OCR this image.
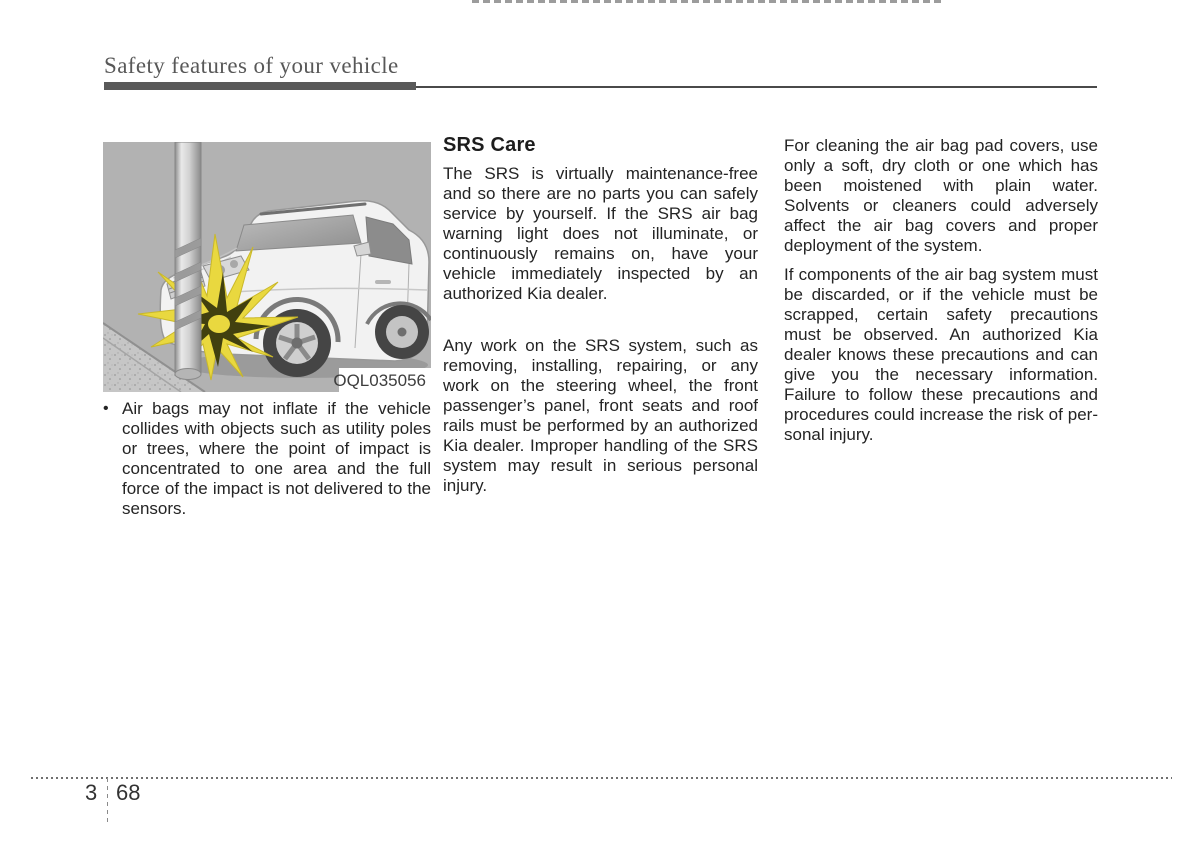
Safety features of your vehicle
OQL035056
• Air bags may not inflate if the vehicle collides with objects such as utility poles or trees, where the point of impact is concentrated to one area and the full force of the impact is not delivered to the sensors.
SRS Care

The SRS is virtually maintenance-free and so there are no parts you can safely service by yourself. If the SRS air bag warning light does not illuminate, or continuously remains on, have your vehicle immediately inspected by an authorized Kia dealer.

Any work on the SRS system, such as removing, installing, repairing, or any work on the steering wheel, the front passenger’s panel, front seats and roof rails must be performed by an authorized Kia dealer. Improper handling of the SRS system may result in serious personal injury.

For cleaning the air bag pad covers, use only a soft, dry cloth or one which has been moistened with plain water. Solvents or cleaners could adversely affect the air bag covers and proper deployment of the system.

If components of the air bag system must be discarded, or if the vehicle must be scrapped, certain safety precautions must be observed. An authorized Kia dealer knows these precautions and can give you the necessary information. Failure to follow these precautions and procedures could increase the risk of personal injury.

3 68
